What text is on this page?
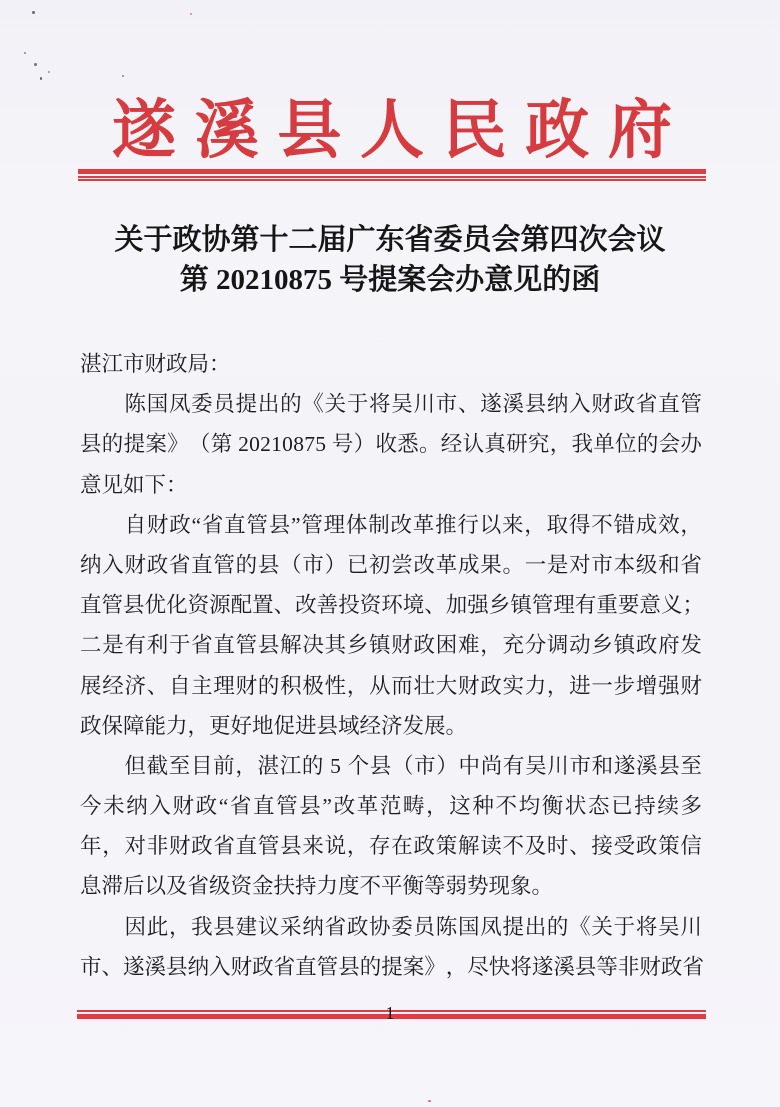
遂 溪 县 人 民 政 府
关于政协第十二届广东省委员会第四次会议
第 20210875 号提案会办意见的函
湛江市财政局：

陈 国 凤 委 员 提 出 的 《 关 于 将 吴 川 市 、 遂 溪 县 纳 入 财 政 省 直 管
县 的 提 案 》 （ 第
2 0 2 1 0 8 7 5
号 ） 收 悉 。 经 认 真 研 究 ， 我 单 位 的 会 办
意见如下：

自 财 政 “ 省 直 管 县 ” 管 理 体 制 改 革 推 行 以 来 ， 取 得 不 错 成 效 ，
纳 入 财 政 省 直 管 的 县 （ 市 ） 已 初 尝 改 革 成 果 。 一 是 对 市 本 级 和 省
直 管 县 优 化 资 源 配 置 、 改 善 投 资 环 境 、 加 强 乡 镇 管 理 有 重 要 意 义 ；
二 是 有 利 于 省 直 管 县 解 决 其 乡 镇 财 政 困 难 ， 充 分 调 动 乡 镇 政 府 发
展 经 济 、 自 主 理 财 的 积 极 性 ， 从 而 壮 大 财 政 实 力 ， 进 一 步 增 强 财
政保障能力，更好地促进县域经济发展。

但 截 至 目 前 ， 湛 江 的
5
个 县 （ 市 ） 中 尚 有 吴 川 市 和 遂 溪 县 至
今 未 纳 入 财 政 “ 省 直 管 县 ” 改 革 范 畴 ， 这 种 不 均 衡 状 态 已 持 续 多
年 ， 对 非 财 政 省 直 管 县 来 说 ， 存 在 政 策 解 读 不 及 时 、 接 受 政 策 信
息滞后以及省级资金扶持力度不平衡等弱势现象。

因 此 ， 我 县 建 议 采 纳 省 政 协 委 员 陈 国 凤 提 出 的 《 关 于 将 吴 川
市 、 遂 溪 县 纳 入 财 政 省 直 管 县 的 提 案 》 ， 尽 快 将 遂 溪 县 等 非 财 政 省
1
